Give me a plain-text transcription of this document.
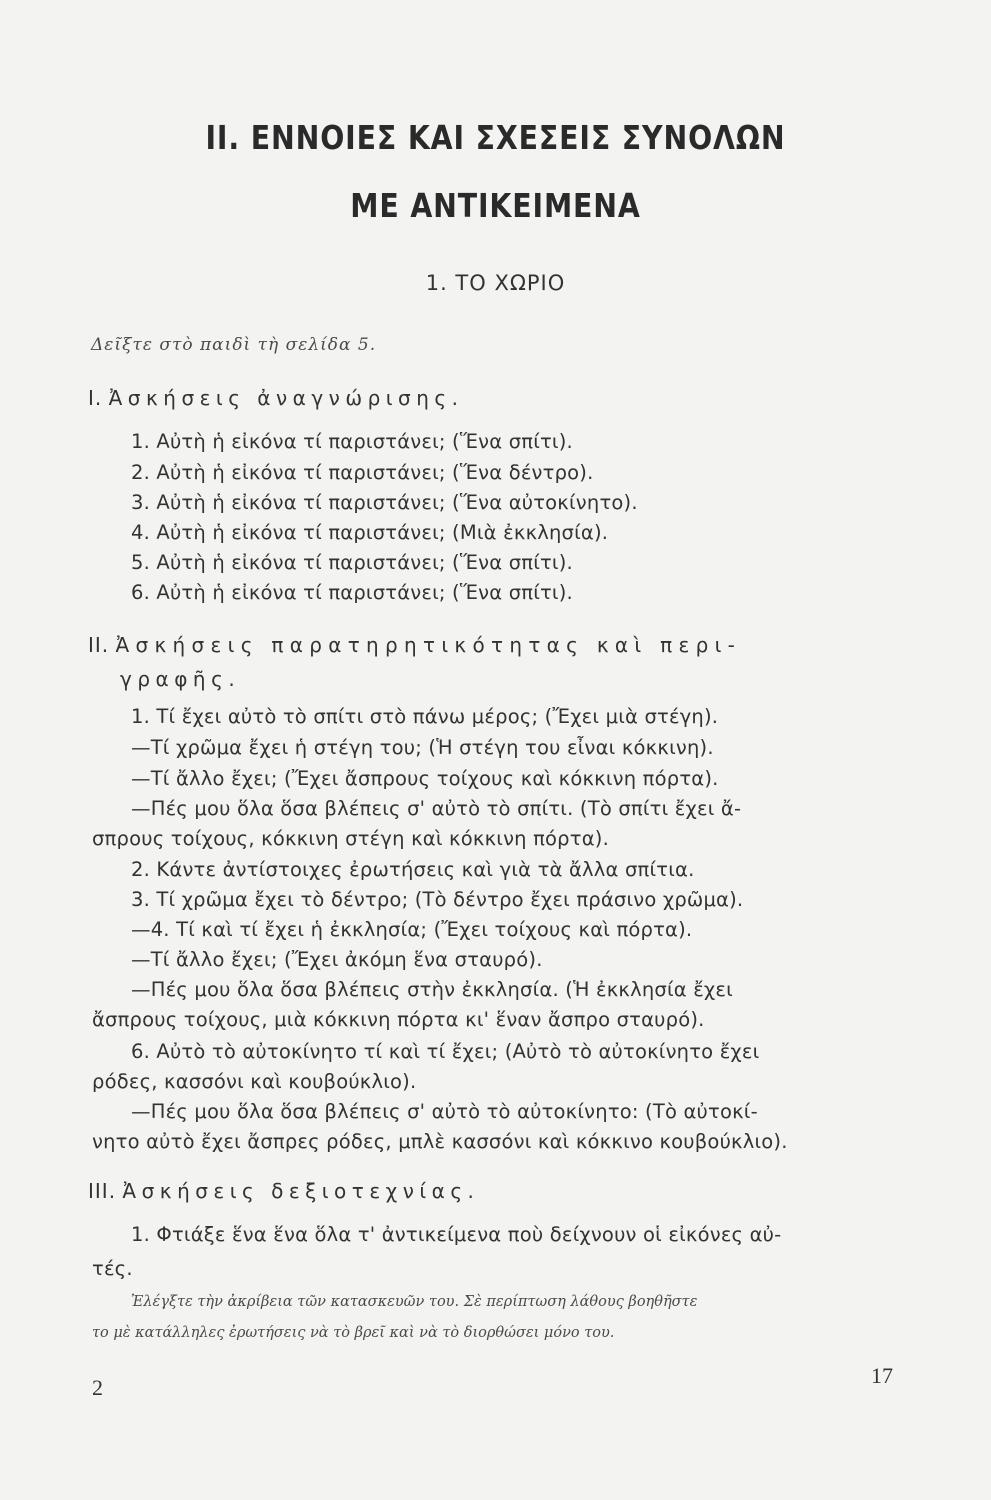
II. ΕΝΝΟΙΕΣ ΚΑΙ ΣΧΕΣΕΙΣ ΣΥΝΟΛΩΝ
ΜΕ ΑΝΤΙΚΕΙΜΕΝΑ
1. ΤΟ ΧΩΡΙΟ
Δεῖξτε στὸ παιδὶ τὴ σελίδα 5.
Ι. Ἀσκήσεις ἀναγνώρισης.
1. Αὐτὴ ἡ εἰκόνα τί παριστάνει; (Ἕνα σπίτι).
2. Αὐτὴ ἡ εἰκόνα τί παριστάνει; (Ἕνα δέντρο).
3. Αὐτὴ ἡ εἰκόνα τί παριστάνει; (Ἕνα αὐτοκίνητο).
4. Αὐτὴ ἡ εἰκόνα τί παριστάνει; (Μιὰ ἐκκλησία).
5. Αὐτὴ ἡ εἰκόνα τί παριστάνει; (Ἕνα σπίτι).
6. Αὐτὴ ἡ εἰκόνα τί παριστάνει; (Ἕνα σπίτι).
ΙΙ. Ἀσκήσεις παρατηρητικότητας καὶ περι-
γραφῆς.
1. Τί ἔχει αὐτὸ τὸ σπίτι στὸ πάνω μέρος; (Ἔχει μιὰ στέγη).
—Τί χρῶμα ἔχει ἡ στέγη του; (Ἡ στέγη του εἶναι κόκκινη).
—Τί ἄλλο ἔχει; (Ἔχει ἄσπρους τοίχους καὶ κόκκινη πόρτα).
—Πές μου ὅλα ὅσα βλέπεις σ' αὐτὸ τὸ σπίτι. (Τὸ σπίτι ἔχει ἄ-
σπρους τοίχους, κόκκινη στέγη καὶ κόκκινη πόρτα).
2. Κάντε ἀντίστοιχες ἐρωτήσεις καὶ γιὰ τὰ ἄλλα σπίτια.
3. Τί χρῶμα ἔχει τὸ δέντρο; (Τὸ δέντρο ἔχει πράσινο χρῶμα).
—4. Τί καὶ τί ἔχει ἡ ἐκκλησία; (Ἔχει τοίχους καὶ πόρτα).
—Τί ἄλλο ἔχει; (Ἔχει ἀκόμη ἕνα σταυρό).
—Πές μου ὅλα ὅσα βλέπεις στὴν ἐκκλησία. (Ἡ ἐκκλησία ἔχει
ἄσπρους τοίχους, μιὰ κόκκινη πόρτα κι' ἕναν ἄσπρο σταυρό).
6. Αὐτὸ τὸ αὐτοκίνητο τί καὶ τί ἔχει; (Αὐτὸ τὸ αὐτοκίνητο ἔχει
ρόδες, κασσόνι καὶ κουβούκλιο).
—Πές μου ὅλα ὅσα βλέπεις σ' αὐτὸ τὸ αὐτοκίνητο: (Τὸ αὐτοκί-
νητο αὐτὸ ἔχει ἄσπρες ρόδες, μπλὲ κασσόνι καὶ κόκκινο κουβούκλιο).
ΙΙΙ. Ἀσκήσεις δεξιοτεχνίας.
1. Φτιάξε ἕνα ἕνα ὅλα τ' ἀντικείμενα ποὺ δείχνουν οἱ εἰκόνες αὐ-
τές.
Ἐλέγξτε τὴν ἀκρίβεια τῶν κατασκευῶν του. Σὲ περίπτωση λάθους βοηθῆστε
το μὲ κατάλληλες ἐρωτήσεις νὰ τὸ βρεῖ καὶ νὰ τὸ διορθώσει μόνο του.
2	17
